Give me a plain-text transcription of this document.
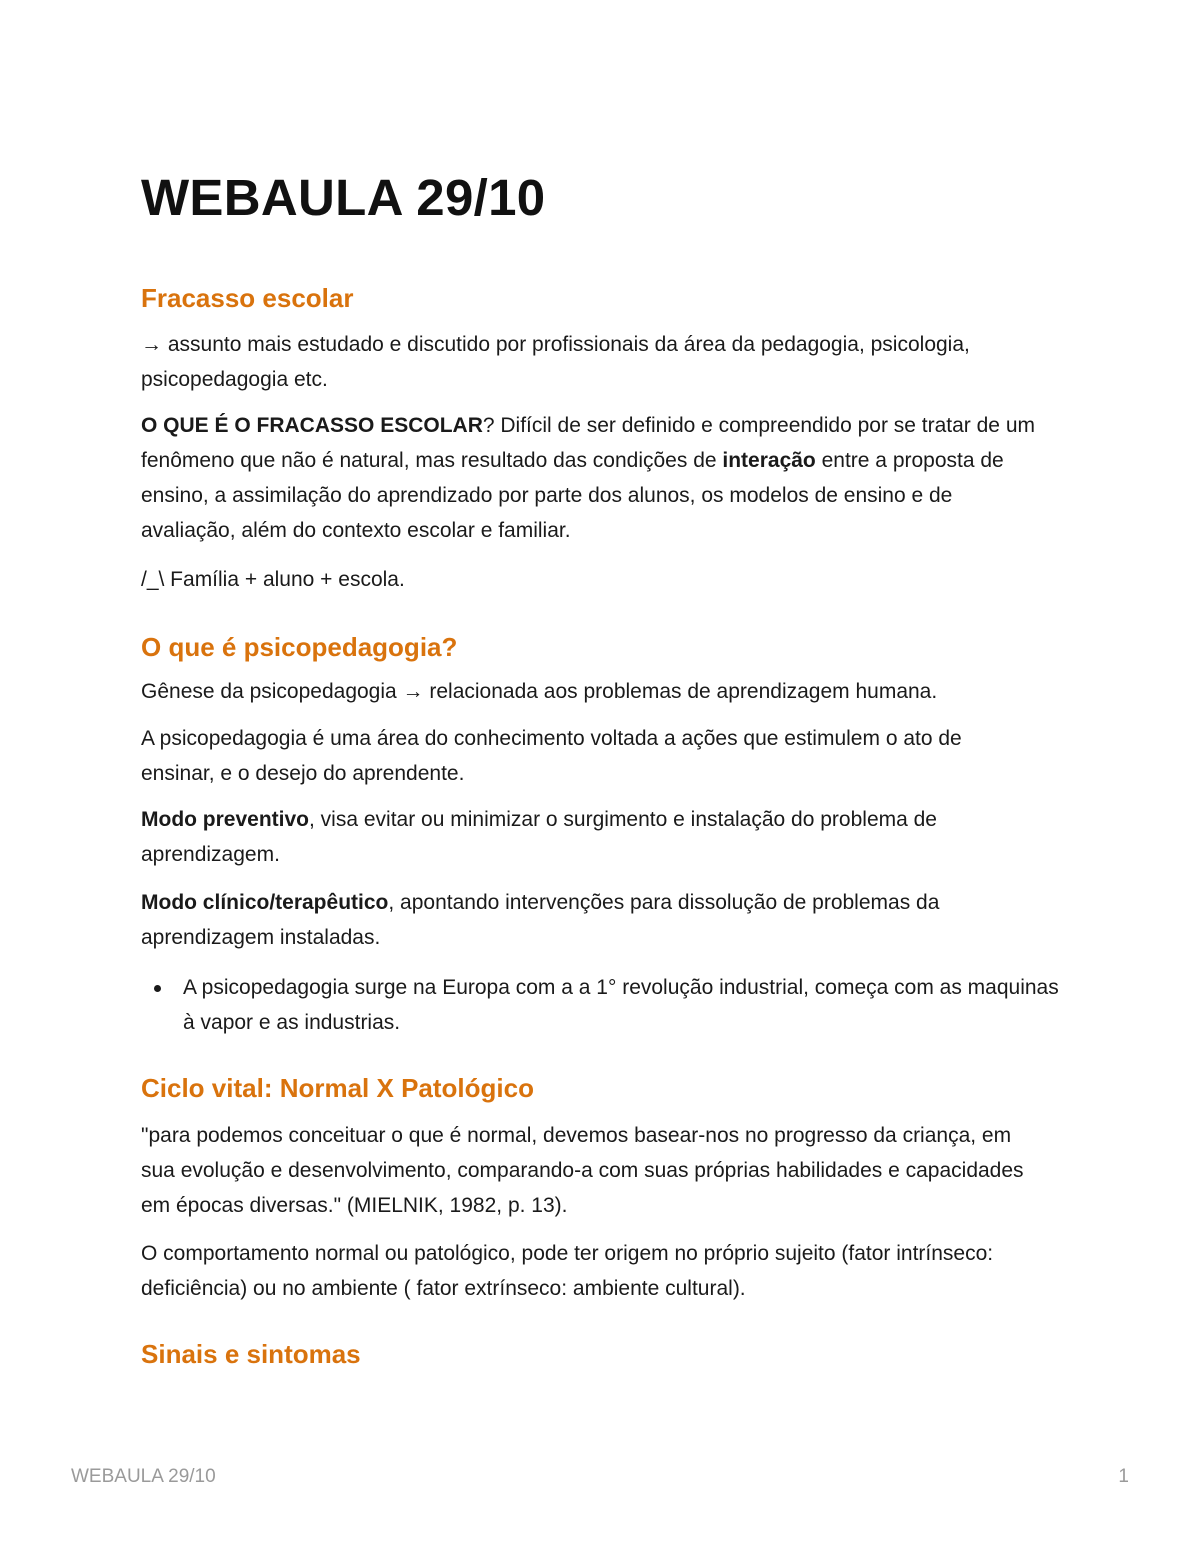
WEBAULA 29/10
Fracasso escolar

→ assunto mais estudado e discutido por profissionais da área da pedagogia, psicologia, psicopedagogia etc.

O QUE É O FRACASSO ESCOLAR? Difícil de ser definido e compreendido por se tratar de um fenômeno que não é natural, mas resultado das condições de interação entre a proposta de ensino, a assimilação do aprendizado por parte dos alunos, os modelos de ensino e de avaliação, além do contexto escolar e familiar.

/_\ Família + aluno + escola.

O que é psicopedagogia?

Gênese da psicopedagogia → relacionada aos problemas de aprendizagem humana.

A psicopedagogia é uma área do conhecimento voltada a ações que estimulem o ato de ensinar, e o desejo do aprendente.

Modo preventivo, visa evitar ou minimizar o surgimento e instalação do problema de aprendizagem.

Modo clínico/terapêutico, apontando intervenções para dissolução de problemas da aprendizagem instaladas.

A psicopedagogia surge na Europa com a a 1° revolução industrial, começa com as maquinas à vapor e as industrias.

Ciclo vital: Normal X Patológico

"para podemos conceituar o que é normal, devemos basear-nos no progresso da criança, em sua evolução e desenvolvimento, comparando-a com suas próprias habilidades e capacidades em épocas diversas." (MIELNIK, 1982, p. 13).

O comportamento normal ou patológico, pode ter origem no próprio sujeito (fator intrínseco: deficiência) ou no ambiente ( fator extrínseco: ambiente cultural).

Sinais e sintomas
WEBAULA 29/10	1
